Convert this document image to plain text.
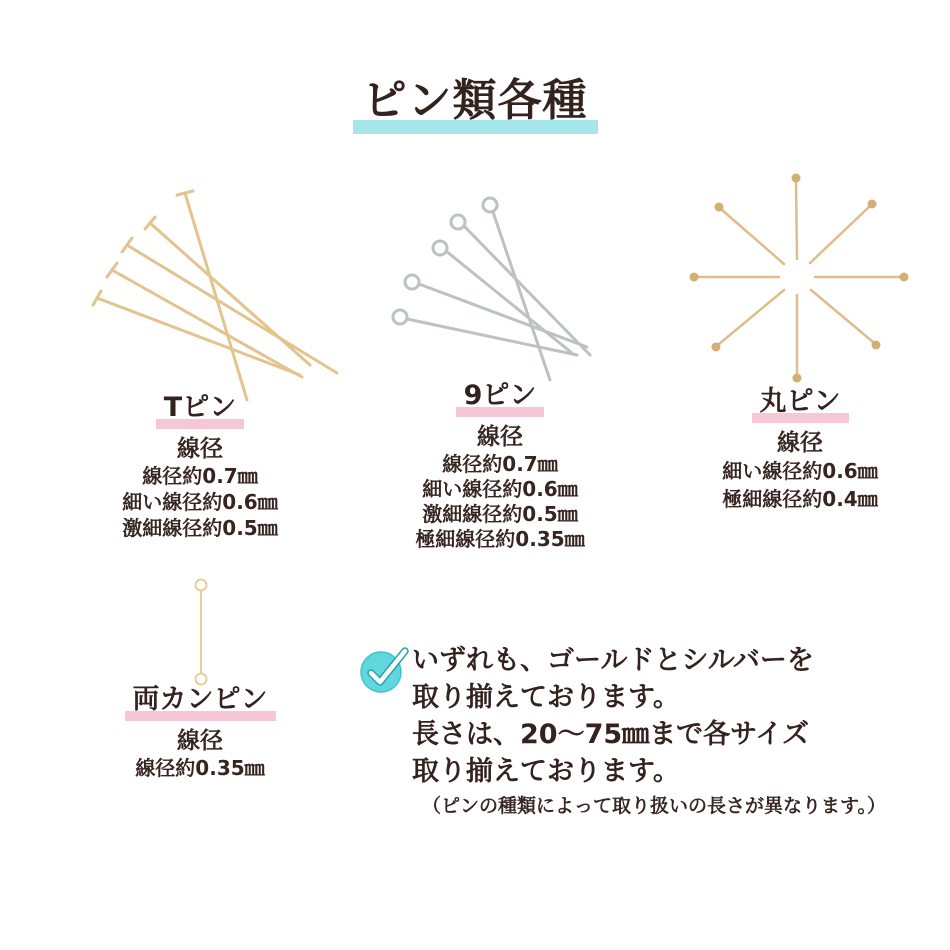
ピン類各種
Tピン
線径
線径約0.7㎜
細い線径約0.6㎜
激細線径約0.5㎜
9ピン
線径
線径約0.7㎜
細い線径約0.6㎜
激細線径約0.5㎜
極細線径約0.35㎜
丸ピン
線径
細い線径約0.6㎜
極細線径約0.4㎜
両カンピン
線径
線径約0.35㎜
いずれも、ゴールドとシルバーを
取り揃えております。
長さは、20〜75㎜まで各サイズ
取り揃えております。
（ピンの種類によって取り扱いの長さが異なります。）
